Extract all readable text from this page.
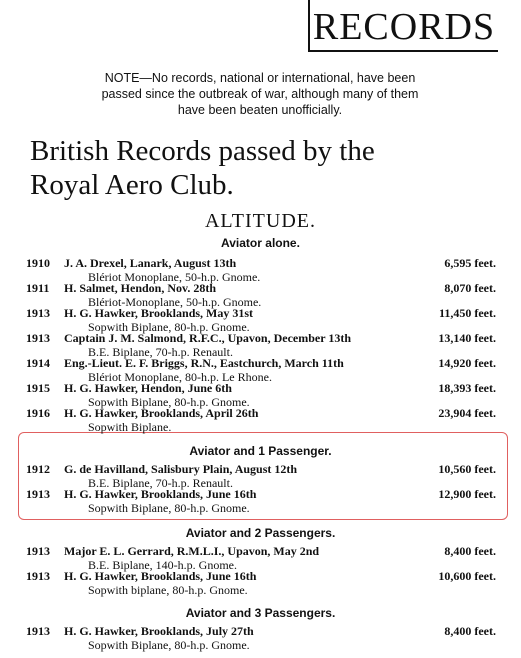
RECORDS
NOTE—No records, national or international, have been passed since the outbreak of war, although many of them have been beaten unofficially.
British Records passed by the
Royal Aero Club.
ALTITUDE.
Aviator alone.
1910 J. A. Drexel, Lanark, August 13th
Blériot Monoplane, 50-h.p. Gnome.
6,595 feet.
1911 H. Salmet, Hendon, Nov. 28th
Blériot-Monoplane, 50-h.p. Gnome.
8,070 feet.
1913 H. G. Hawker, Brooklands, May 31st
Sopwith Biplane, 80-h.p. Gnome.
11,450 feet.
1913 Captain J. M. Salmond, R.F.C., Upavon, December 13th
B.E. Biplane, 70-h.p. Renault.
13,140 feet.
1914 Eng.-Lieut. E. F. Briggs, R.N., Eastchurch, March 11th
Blériot Monoplane, 80-h.p. Le Rhone.
14,920 feet.
1915 H. G. Hawker, Hendon, June 6th
Sopwith Biplane, 80-h.p. Gnome.
18,393 feet.
1916 H. G. Hawker, Brooklands, April 26th
Sopwith Biplane.
23,904 feet.
Aviator and 1 Passenger.
1912 G. de Havilland, Salisbury Plain, August 12th
B.E. Biplane, 70-h.p. Renault.
10,560 feet.
1913 H. G. Hawker, Brooklands, June 16th
Sopwith Biplane, 80-h.p. Gnome.
12,900 feet.
Aviator and 2 Passengers.
1913 Major E. L. Gerrard, R.M.L.I., Upavon, May 2nd
B.E. Biplane, 140-h.p. Gnome.
8,400 feet.
1913 H. G. Hawker, Brooklands, June 16th
Sopwith biplane, 80-h.p. Gnome.
10,600 feet.
Aviator and 3 Passengers.
1913 H. G. Hawker, Brooklands, July 27th
Sopwith Biplane, 80-h.p. Gnome.
8,400 feet.
